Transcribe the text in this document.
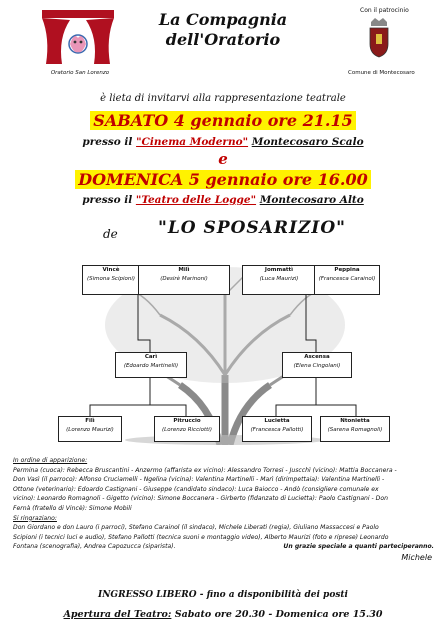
Oratorio San Lorenzo
La Compagnia
dell'Oratorio
Con il patrocinio
Comune di Montecosaro
è lieta di invitarvi alla rappresentazione teatrale
SABATO 4 gennaio ore 21.15
presso il "Cinema Moderno" Montecosaro Scalo
e
DOMENICA 5 gennaio ore 16.00
presso il "Teatro delle Logge" Montecosaro Alto
de "LO SPOSARIZIO"
Vincè
(Simona Scipioni)
Milì
(Desirè Marinoni)
Jommattì
(Luca Maurizi)
Peppina
(Francesca Carainol)
Carì
(Edoardo Martinelli)
Ascensa
(Elena Cingolani)
Filì
(Lorenzo Maurizi)
Pitruccio
(Lorenzo Ricciotti)
Lucietta
(Francesca Pallotti)
Ntonietta
(Sarena Romagnoli)
In ordine di apparizione:
Permina (cuoca): Rebecca Bruscantini - Anzermo (affarista ex vicino): Alessandro Torresi - Juscchì (vicino): Mattia Boccanera -
Don Vasì (il parroco): Alfonso Cruciamelli - Ngelina (vicina): Valentina Martinelli - Marì (dirimpettaia): Valentina Martinelli -
Ottone (veterinario): Edoardo Castignani - Giuseppe (candidato sindaco): Luca Baiocco - Andò (consigliere comunale ex
vicino): Leonardo Romagnoli - Gigetto (vicino): Simone Boccanera - Girberto (fidanzato di Lucietta): Paolo Castignani - Don
Fernà (fratello di Vincè): Simone Mobili
Si ringraziano:
Don Giordano e don Lauro (i parroci), Stefano Carainol (il sindaco), Michele Liberati (regia), Giuliano Massaccesi e Paolo
Scipioni (i tecnici luci e audio), Stefano Pallotti (tecnica suoni e montaggio video), Alberto Maurizi (foto e riprese) Leonardo
Fontana (scenografia), Andrea Capozucca (siparista).	Un grazie speciale a quanti parteciperanno.
Michele
INGRESSO LIBERO - fino a disponibilità dei posti
Apertura del Teatro: Sabato ore 20.30 - Domenica ore 15.30
